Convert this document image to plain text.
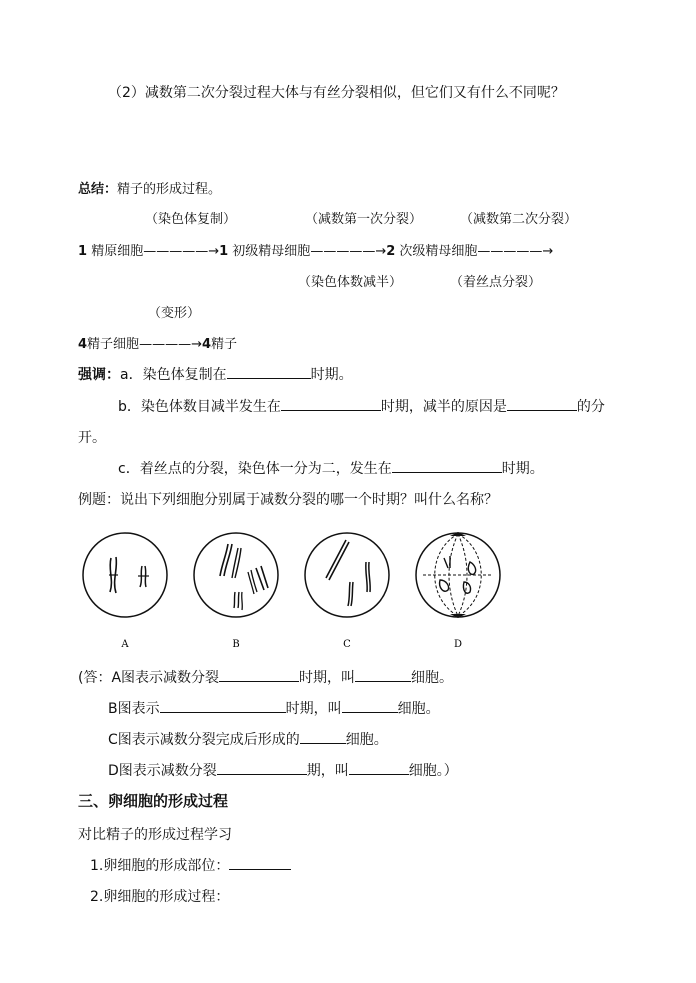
（2）减数第二次分裂过程大体与有丝分裂相似，但它们又有什么不同呢？
总结：精子的形成过程。
（染色体复制）	（减数第一次分裂）	（减数第二次分裂）
1 精原细胞—————→1 初级精母细胞—————→2 次级精母细胞—————→
（染色体数减半）	（着丝点分裂）
（变形）
4精子细胞————→4精子
强调：a．染色体复制在	时期。
b．染色体数目减半发生在	时期，减半的原因是	的分
开。
c．着丝点的分裂，染色体一分为二，发生在	时期。
例题：说出下列细胞分别属于减数分裂的哪一个时期？叫什么名称？
A	B	C	D
(答：A图表示减数分裂	时期，叫	细胞。
B图表示	时期，叫	细胞。
C图表示减数分裂完成后形成的	细胞。
D图表示减数分裂	期，叫	细胞。）
三、卵细胞的形成过程
对比精子的形成过程学习
1.卵细胞的形成部位：
2.卵细胞的形成过程：
